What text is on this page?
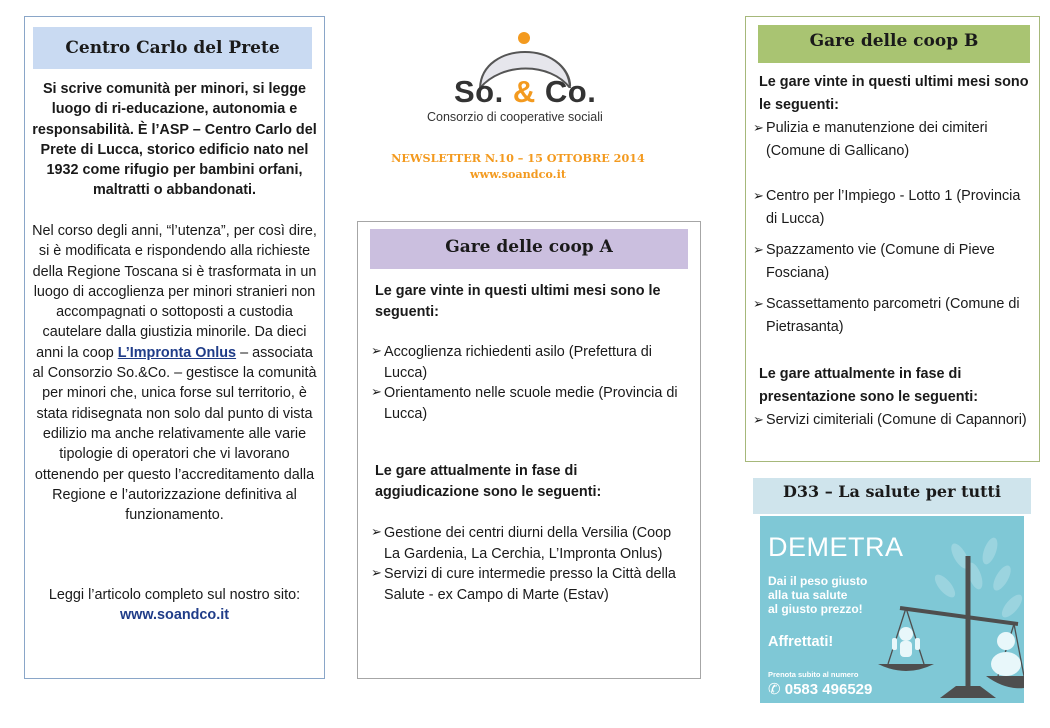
Centro Carlo del Prete
Si scrive comunità per minori, si legge luogo di ri-educazione, autonomia e responsabilità. È l’ASP – Centro Carlo del Prete di Lucca, storico edificio nato nel 1932 come rifugio per bambini orfani, maltratti o abbandonati.
Nel corso degli anni, “l’utenza”, per così dire, si è modificata e rispondendo alla richieste della Regione Toscana si è trasformata in un luogo di accoglienza per minori stranieri non accompagnati o sottoposti a custodia cautelare dalla giustizia minorile. Da dieci anni la coop L’Impronta Onlus – associata al Consorzio So.&Co. – gestisce la comunità per minori che, unica forse sul territorio, è stata ridisegnata non solo dal punto di vista edilizio ma anche relativamente alle varie tipologie di operatori che vi lavorano ottenendo per questo l’accreditamento dalla Regione e l’autorizzazione definitiva al funzionamento.
Leggi l’articolo completo sul nostro sito:
www.soandco.it
So. & Co.
Consorzio di cooperative sociali
NEWSLETTER N.10 – 15 OTTOBRE 2014
www.soandco.it
Gare delle coop A
Le gare vinte in questi ultimi mesi sono le seguenti:
➢ Accoglienza richiedenti asilo (Prefettura di Lucca)
➢ Orientamento nelle scuole medie (Provincia di Lucca)
Le gare attualmente in fase di aggiudicazione sono le seguenti:
➢ Gestione dei centri diurni della Versilia (Coop La Gardenia, La Cerchia, L’Impronta Onlus)
➢ Servizi di cure intermedie presso la Città della Salute - ex Campo di Marte (Estav)
Gare delle coop B
Le gare vinte in questi ultimi mesi sono le seguenti:
➢ Pulizia e manutenzione dei cimiteri (Comune di Gallicano)
➢ Centro per l’Impiego - Lotto 1 (Provincia di Lucca)
➢ Spazzamento vie (Comune di Pieve Fosciana)
➢ Scassettamento parcometri (Comune di Pietrasanta)
Le gare attualmente in fase di presentazione sono le seguenti:
➢ Servizi cimiteriali (Comune di Capannori)
D33 – La salute per tutti
DEMETRA
Dai il peso giusto
alla tua salute
al giusto prezzo!
Affrettati!
Prenota subito al numero
✆ 0583 496529
